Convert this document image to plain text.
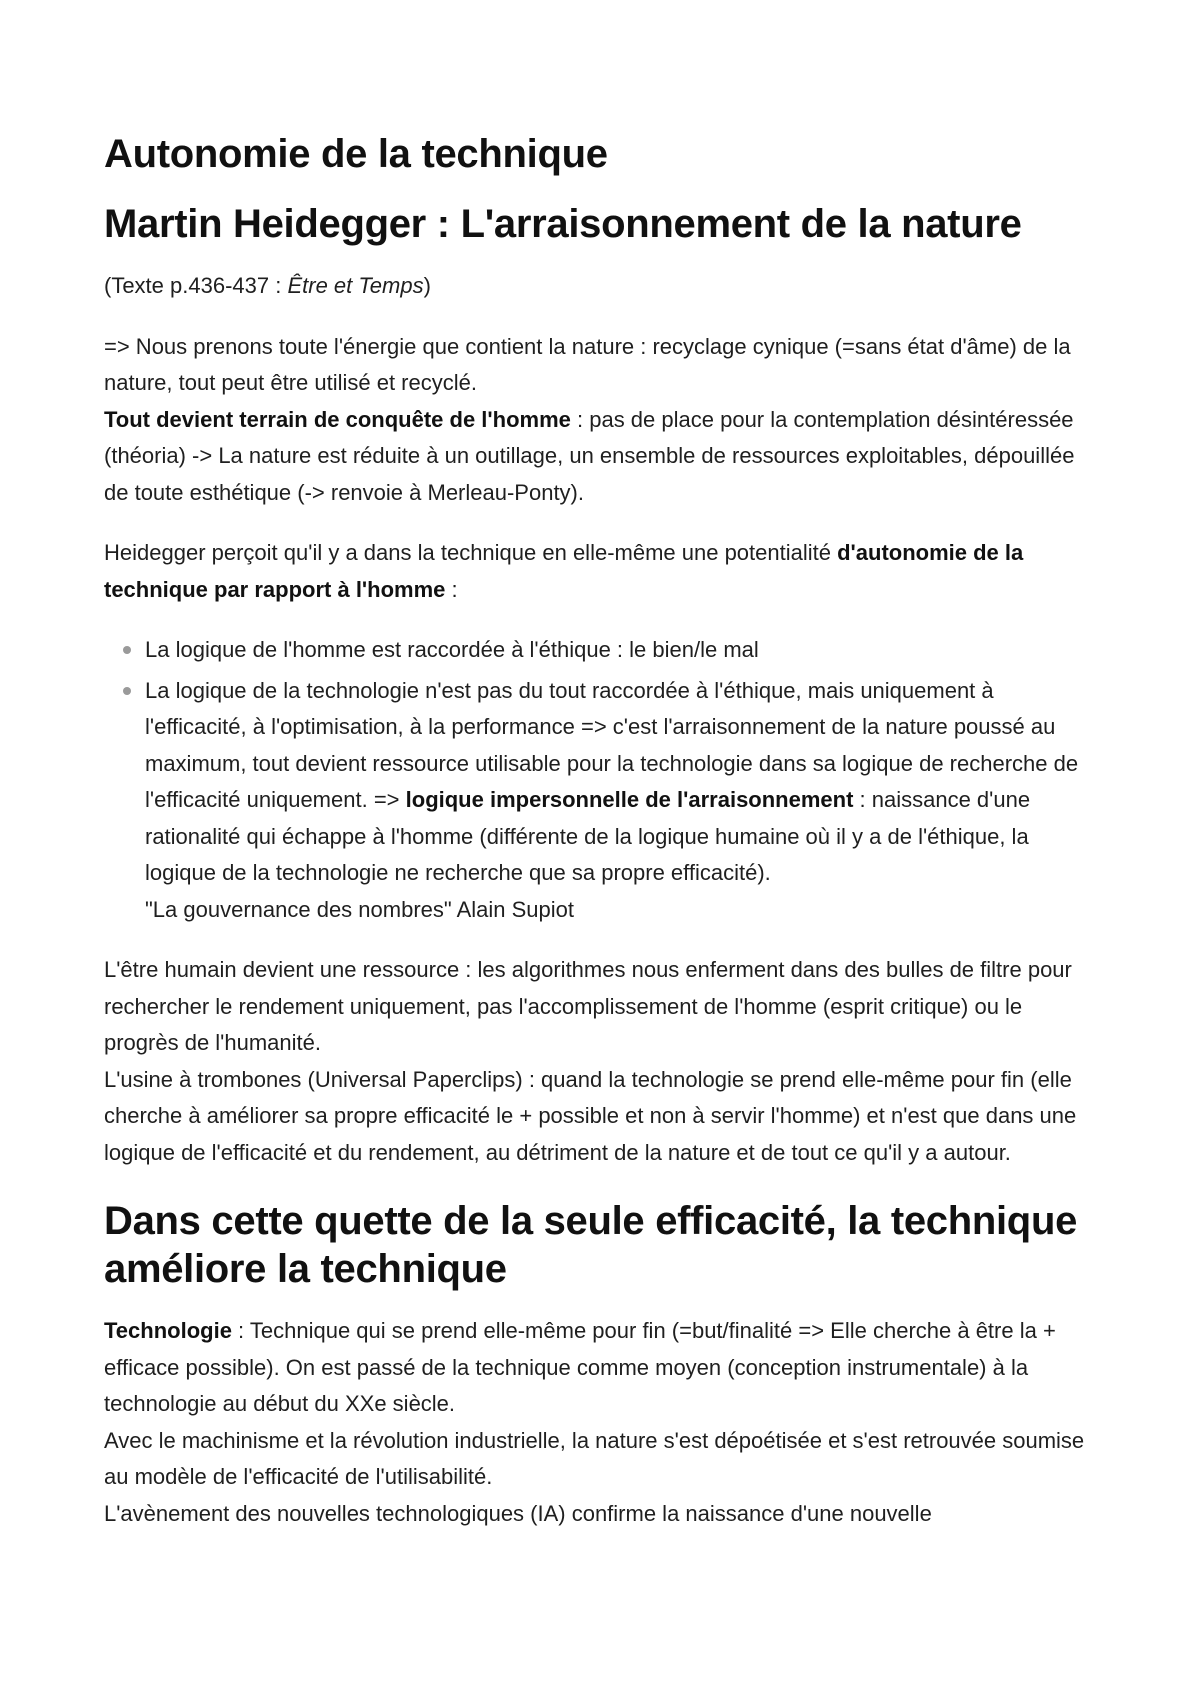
Autonomie de la technique
Martin Heidegger : L'arraisonnement de la nature

(Texte p.436-437 : Être et Temps)

=> Nous prenons toute l'énergie que contient la nature : recyclage cynique (=sans état d'âme) de la nature, tout peut être utilisé et recyclé.
Tout devient terrain de conquête de l'homme : pas de place pour la contemplation désintéressée (théoria) -> La nature est réduite à un outillage, un ensemble de ressources exploitables, dépouillée de toute esthétique (-> renvoie à Merleau-Ponty).

Heidegger perçoit qu'il y a dans la technique en elle-même une potentialité d'autonomie de la technique par rapport à l'homme :

La logique de l'homme est raccordée à l'éthique : le bien/le mal
La logique de la technologie n'est pas du tout raccordée à l'éthique, mais uniquement à l'efficacité, à l'optimisation, à la performance => c'est l'arraisonnement de la nature poussé au maximum, tout devient ressource utilisable pour la technologie dans sa logique de recherche de l'efficacité uniquement. => logique impersonnelle de l'arraisonnement : naissance d'une rationalité qui échappe à l'homme (différente de la logique humaine où il y a de l'éthique, la logique de la technologie ne recherche que sa propre efficacité).
"La gouvernance des nombres" Alain Supiot

L'être humain devient une ressource : les algorithmes nous enferment dans des bulles de filtre pour rechercher le rendement uniquement, pas l'accomplissement de l'homme (esprit critique) ou le progrès de l'humanité.
L'usine à trombones (Universal Paperclips) : quand la technologie se prend elle-même pour fin (elle cherche à améliorer sa propre efficacité le + possible et non à servir l'homme) et n'est que dans une logique de l'efficacité et du rendement, au détriment de la nature et de tout ce qu'il y a autour.

Dans cette quette de la seule efficacité, la technique améliore la technique

Technologie : Technique qui se prend elle-même pour fin (=but/finalité => Elle cherche à être la + efficace possible). On est passé de la technique comme moyen (conception instrumentale) à la technologie au début du XXe siècle.
Avec le machinisme et la révolution industrielle, la nature s'est dépoétisée et s'est retrouvée soumise au modèle de l'efficacité de l'utilisabilité.
L'avènement des nouvelles technologiques (IA) confirme la naissance d'une nouvelle
